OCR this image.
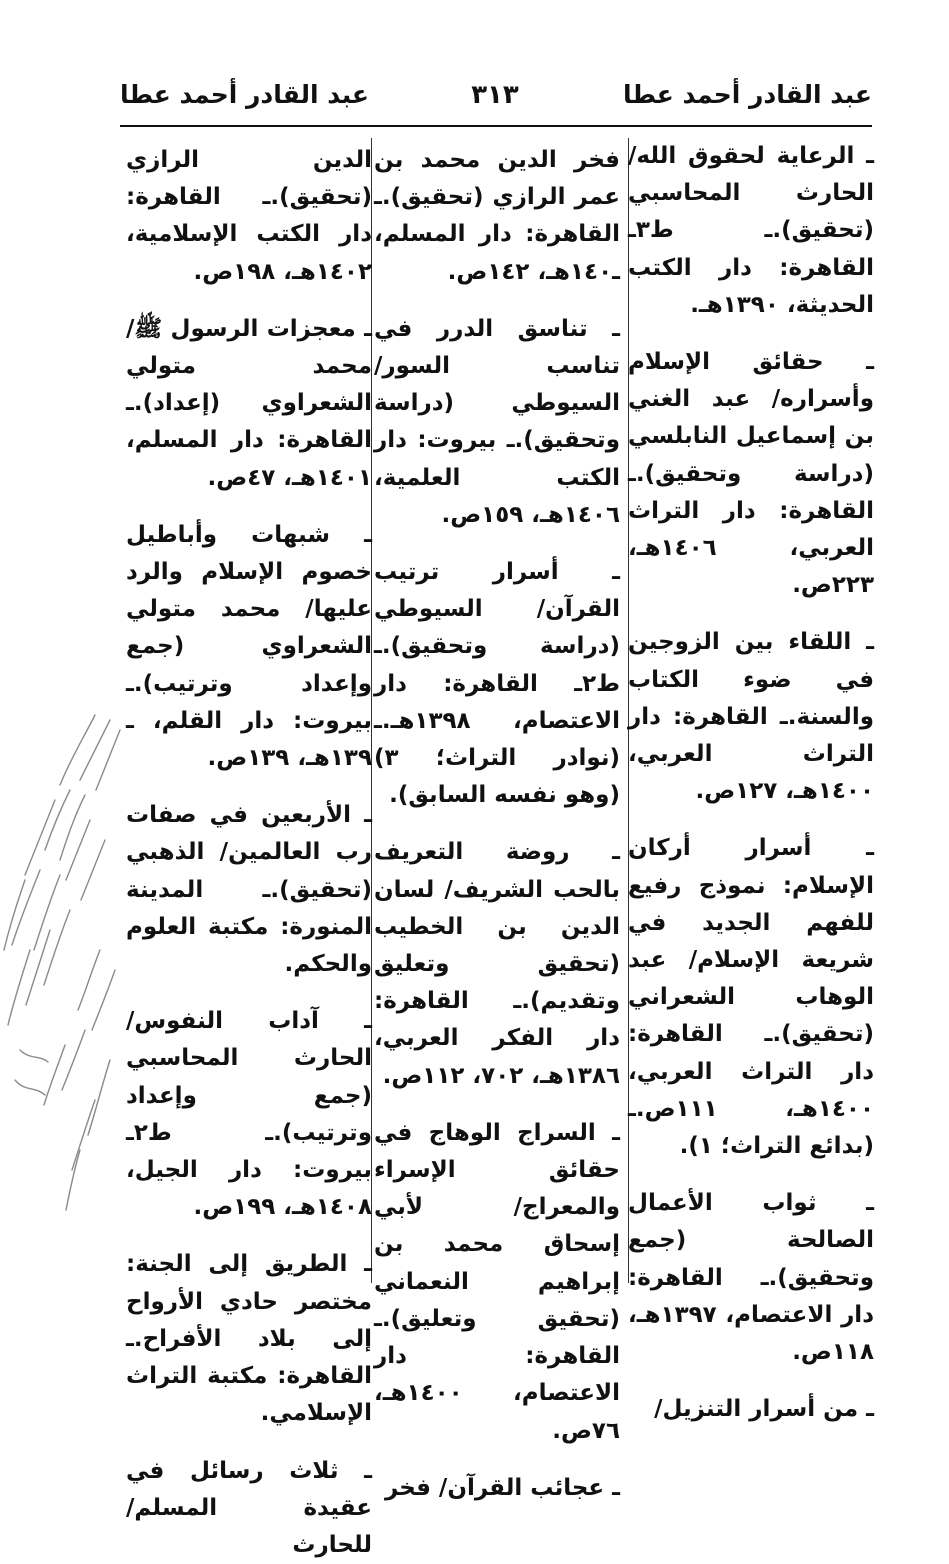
عبد القادر أحمد عطا
٣١٣
عبد القادر أحمد عطا

ـ الرعاية لحقوق الله/ الحارث المحاسبي (تحقيق).ـ ط٣ـ القاهرة: دار الكتب الحديثة، ١٣٩٠هـ.

ـ حقائق الإسلام وأسراره/ عبد الغني بن إسماعيل النابلسي (دراسة وتحقيق).ـ القاهرة: دار التراث العربي، ١٤٠٦هـ، ٢٢٣ص.

ـ اللقاء بين الزوجين في ضوء الكتاب والسنة.ـ القاهرة: دار التراث العربي، ١٤٠٠هـ، ١٢٧ص.

ـ أسرار أركان الإسلام: نموذج رفيع للفهم الجديد في شريعة الإسلام/ عبد الوهاب الشعراني (تحقيق).ـ القاهرة: دار التراث العربي، ١٤٠٠هـ، ١١١ص.ـ (بدائع التراث؛ ١).

ـ ثواب الأعمال الصالحة (جمع وتحقيق).ـ القاهرة: دار الاعتصام، ١٣٩٧هـ، ١١٨ص.

ـ من أسرار التنزيل/

فخر الدين محمد بن عمر الرازي (تحقيق).ـ القاهرة: دار المسلم، ـ١٤٠هـ، ١٤٢ص.

ـ تناسق الدرر في تناسب السور/ السيوطي (دراسة وتحقيق).ـ بيروت: دار الكتب العلمية، ١٤٠٦هـ، ١٥٩ص.

ـ أسرار ترتيب القرآن/ السيوطي (دراسة وتحقيق).ـ ط٢ـ القاهرة: دار الاعتصام، ١٣٩٨هـ.ـ (نوادر التراث؛ ٣) (وهو نفسه السابق).

ـ روضة التعريف بالحب الشريف/ لسان الدين بن الخطيب (تحقيق وتعليق وتقديم).ـ القاهرة: دار الفكر العربي، ١٣٨٦هـ، ٧٠٢، ١١٢ص.

ـ السراج الوهاج في حقائق الإسراء والمعراج/ لأبي إسحاق محمد بن إبراهيم النعماني (تحقيق وتعليق).ـ القاهرة: دار الاعتصام، ١٤٠٠هـ، ٧٦ص.

ـ عجائب القرآن/ فخر

الدين الرازي (تحقيق).ـ القاهرة: دار الكتب الإسلامية، ١٤٠٢هـ، ١٩٨ص.

ـ معجزات الرسول ﷺ/ محمد متولي الشعراوي (إعداد).ـ القاهرة: دار المسلم، ١٤٠١هـ، ٤٧ص.

ـ شبهات وأباطيل خصوم الإسلام والرد عليها/ محمد متولي الشعراوي (جمع وإعداد وترتيب).ـ بيروت: دار القلم، ـ ١٣٩هـ، ١٣٩ص.

ـ الأربعين في صفات رب العالمين/ الذهبي (تحقيق).ـ المدينة المنورة: مكتبة العلوم والحكم.

ـ آداب النفوس/ الحارث المحاسبي (جمع وإعداد وترتيب).ـ ط٢ـ بيروت: دار الجيل، ١٤٠٨هـ، ١٩٩ص.

ـ الطريق إلى الجنة: مختصر حادي الأرواح إلى بلاد الأفراح.ـ القاهرة: مكتبة التراث الإسلامي.

ـ ثلاث رسائل في عقيدة المسلم/ للحارث
